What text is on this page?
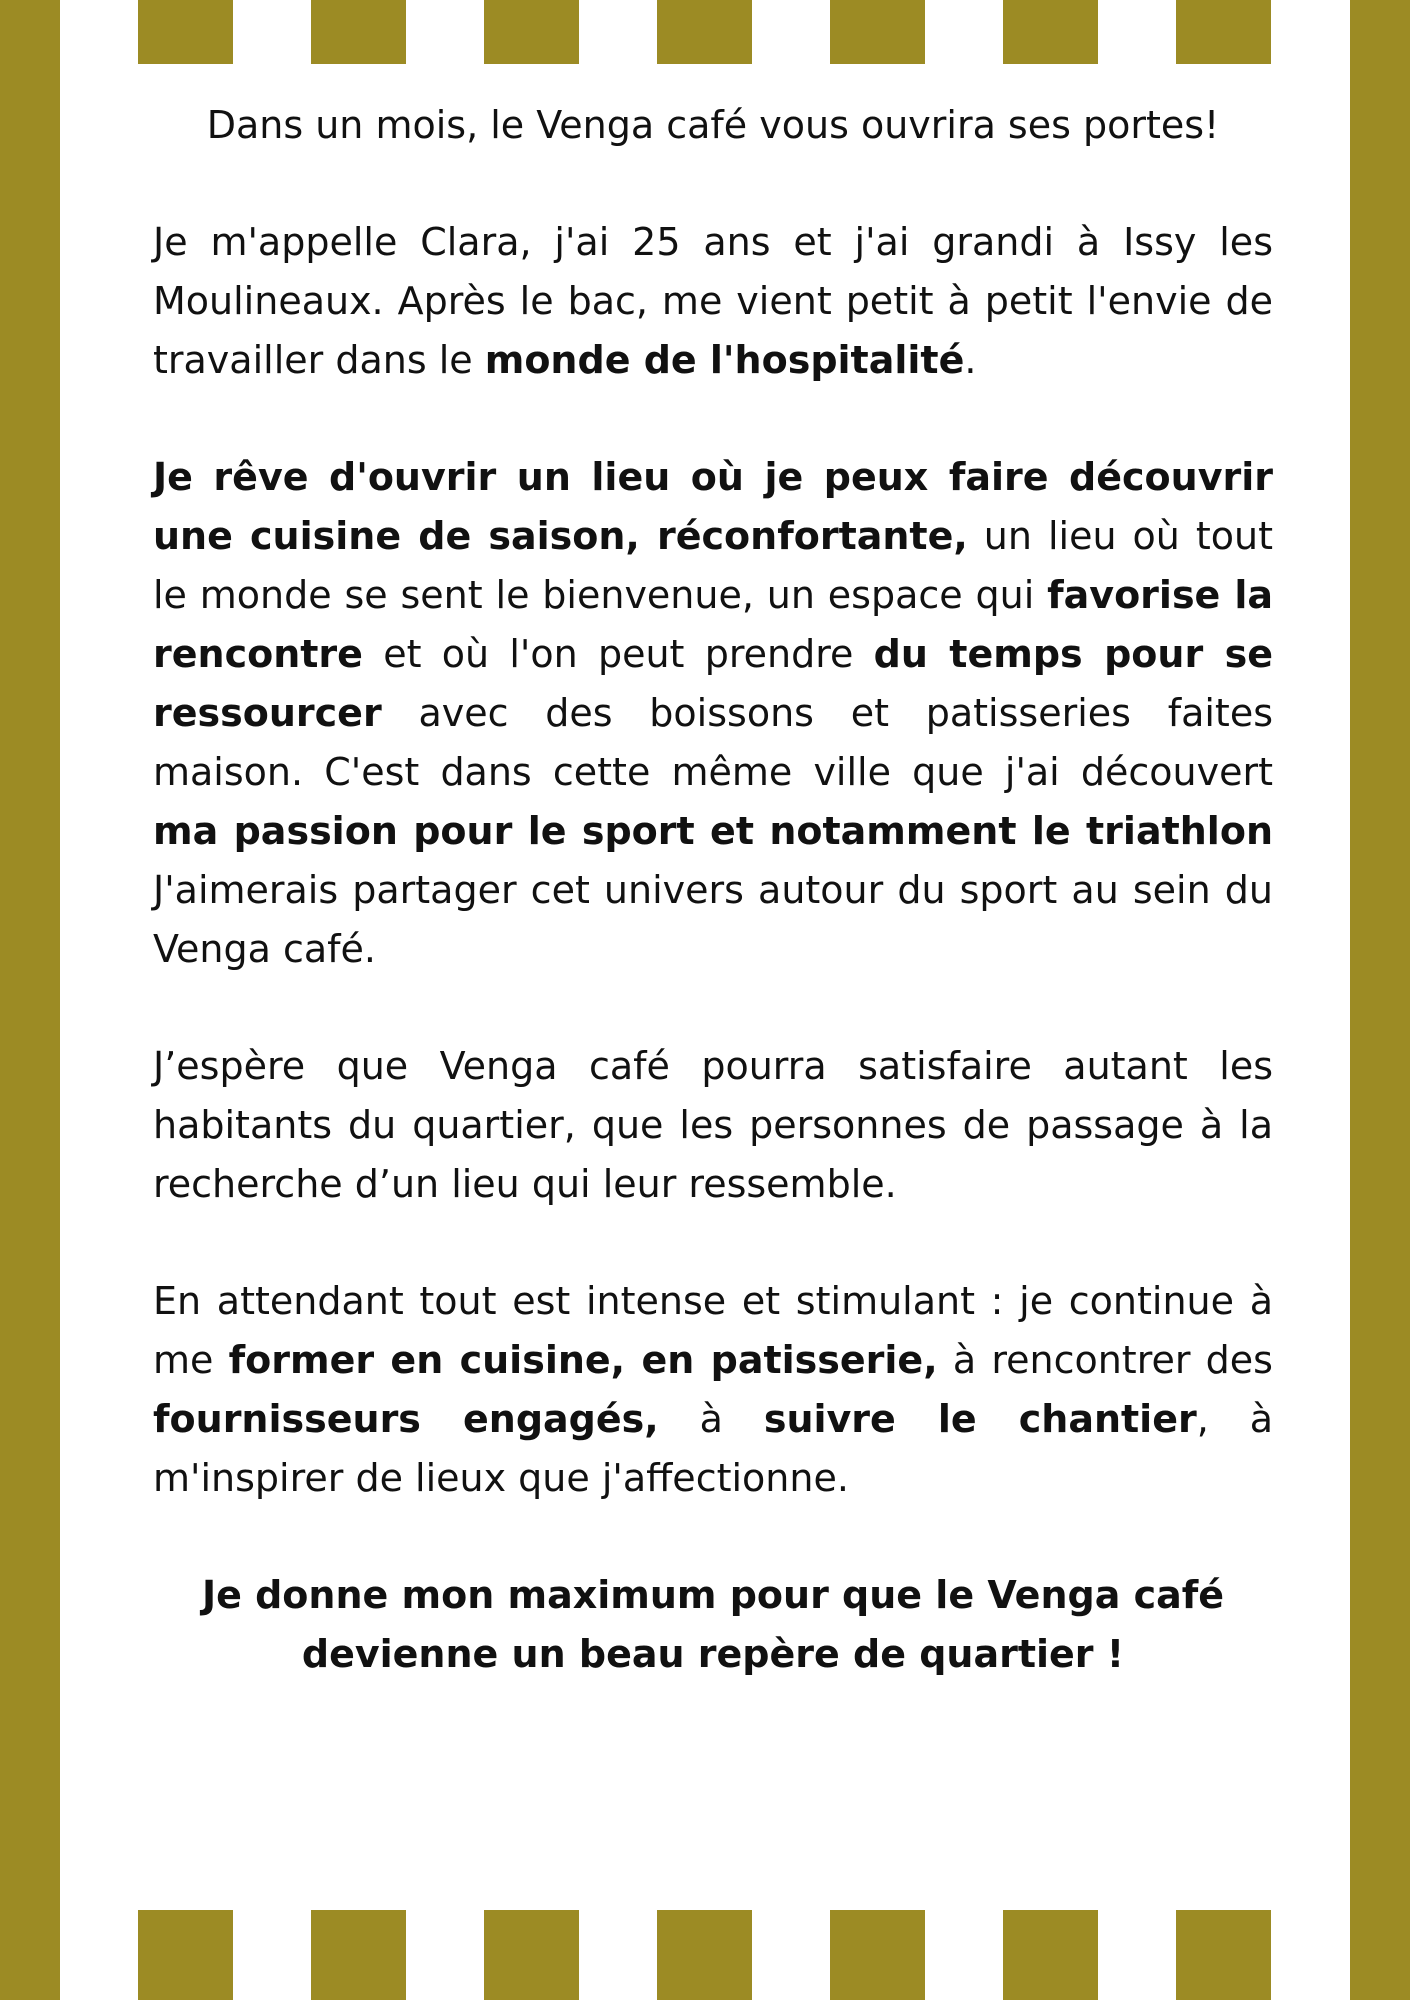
Dans un mois, le Venga café vous ouvrira ses portes!

Je m'appelle Clara, j'ai 25 ans et j'ai grandi à Issy les Moulineaux. Après le bac, me vient petit à petit l'envie de travailler dans le monde de l'hospitalité.

Je rêve d'ouvrir un lieu où je peux faire découvrir une cuisine de saison, réconfortante, un lieu où tout le monde se sent le bienvenue, un espace qui favorise la rencontre et où l'on peut prendre du temps pour se ressourcer avec des boissons et patisseries faites maison. C'est dans cette même ville que j'ai découvert ma passion pour le sport et notamment le triathlon J'aimerais partager cet univers autour du sport au sein du Venga café.

J’espère que Venga café pourra satisfaire autant les habitants du quartier, que les personnes de passage à la recherche d’un lieu qui leur ressemble.

En attendant tout est intense et stimulant : je continue à me former en cuisine, en patisserie, à rencontrer des fournisseurs engagés, à suivre le chantier, à m'inspirer de lieux que j'affectionne.

Je donne mon maximum pour que le Venga café devienne un beau repère de quartier !
